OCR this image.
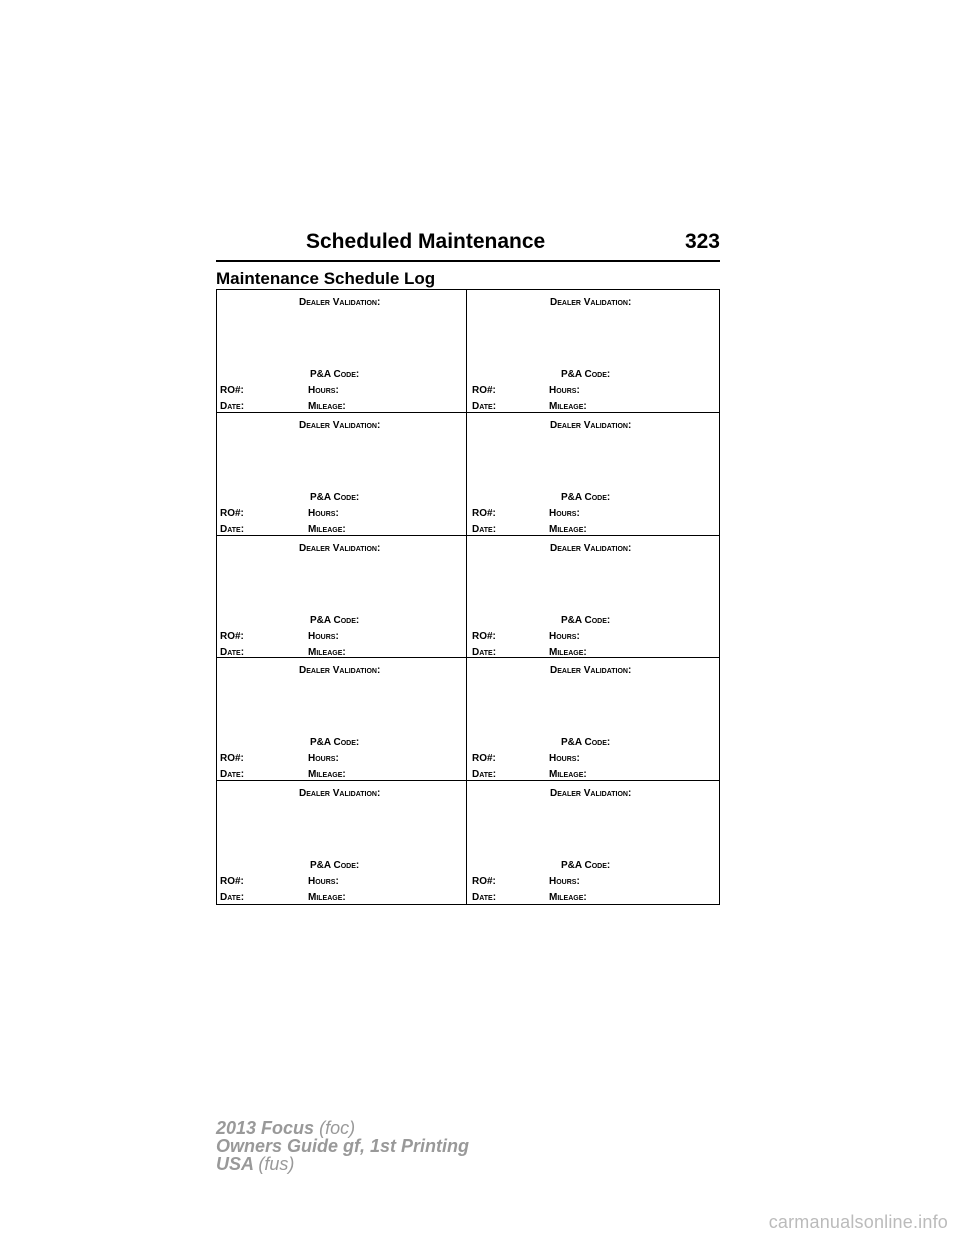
Scheduled Maintenance	323
Maintenance Schedule Log
Dealer Validation:
P&A Code:
RO#:	Hours:
Date:	Mileage:
Dealer Validation:
P&A Code:
RO#:	Hours:
Date:	Mileage:
Dealer Validation:
P&A Code:
RO#:	Hours:
Date:	Mileage:
Dealer Validation:
P&A Code:
RO#:	Hours:
Date:	Mileage:
Dealer Validation:
P&A Code:
RO#:	Hours:
Date:	Mileage:
Dealer Validation:
P&A Code:
RO#:	Hours:
Date:	Mileage:
Dealer Validation:
P&A Code:
RO#:	Hours:
Date:	Mileage:
Dealer Validation:
P&A Code:
RO#:	Hours:
Date:	Mileage:
Dealer Validation:
P&A Code:
RO#:	Hours:
Date:	Mileage:
Dealer Validation:
P&A Code:
RO#:	Hours:
Date:	Mileage:
2013 Focus (foc)
Owners Guide gf, 1st Printing
USA (fus)
carmanualsonline.info
